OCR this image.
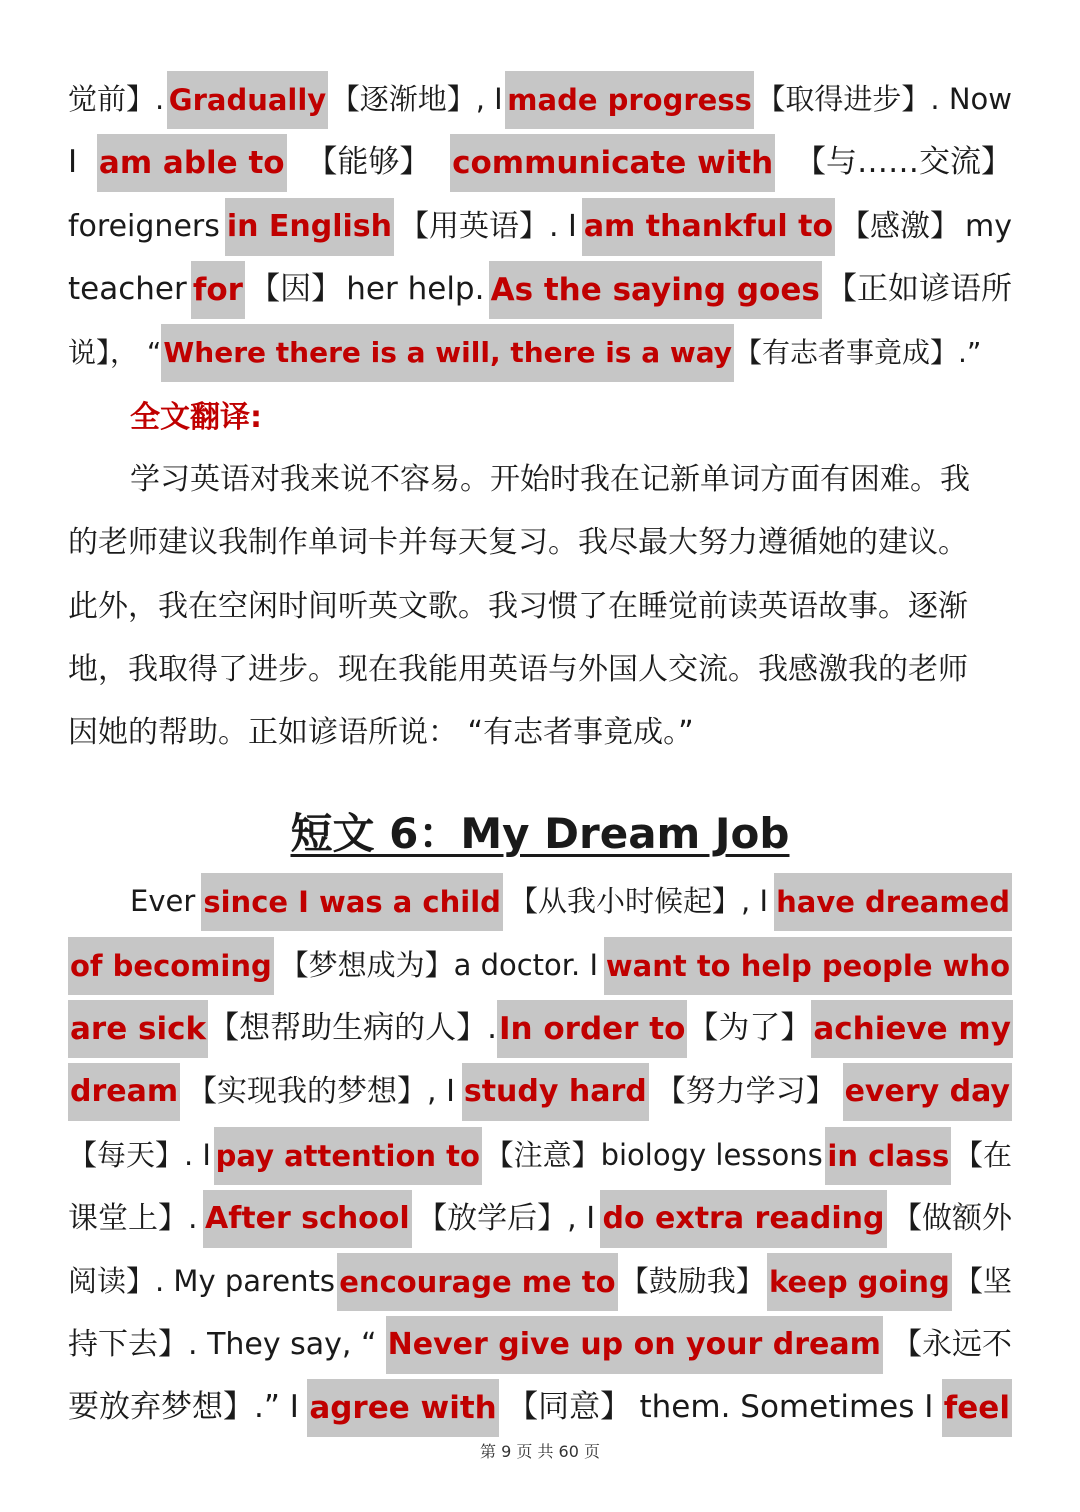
觉前】. Gradually 【逐渐地】, I made progress 【取得进步】. Now
I am able to 【能够】 communicate with 【与……交流】
foreigners in English 【用英语】. I am thankful to 【感激】 my
teacher for 【因】 her help. As the saying goes 【正如谚语所
说】， “ Where there is a will, there is a way 【有志者事竟成】.”
全文翻译:
学习英语对我来说不容易。开始时我在记新单词方面有困难。我
的老师建议我制作单词卡并每天复习。我尽最大努力遵循她的建议。
此外，我在空闲时间听英文歌。我习惯了在睡觉前读英语故事。逐渐
地，我取得了进步。现在我能用英语与外国人交流。我感激我的老师
因她的帮助。正如谚语所说： “有志者事竟成。”
短文 6：My Dream Job
Ever since I was a child 【从我小时候起】, I have dreamed
of becoming 【梦想成为】a doctor. I want to help people who
are sick 【想帮助生病的人】. In order to 【为了】 achieve my
dream 【实现我的梦想】, I study hard 【努力学习】 every day
【每天】. I pay attention to 【注意】biology lessons in class 【在
课堂上】. After school 【放学后】, I do extra reading 【做额外
阅读】. My parents encourage me to 【鼓励我】 keep going 【坚
持下去】. They say, “ Never give up on your dream 【永远不
要放弃梦想】.” I agree with 【同意】 them. Sometimes I feel
第 9 页 共 60 页
